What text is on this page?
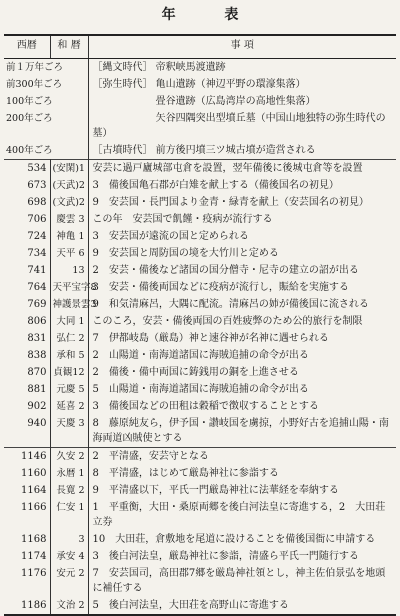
年 表
西暦	和 暦	事 項
前１万年ごろ		［縄文時代］ 帝釈峡馬渡遺跡
前300年ごろ		［弥生時代］ 亀山遺跡（神辺平野の環濠集落）
100年ごろ		　　　　　　 畳谷遺跡（広島湾岸の高地性集落）
200年ごろ		　　　　　　 矢谷四隅突出型墳丘墓（中国山地独特の弥生時代の墓）
400年ごろ		［古墳時代］ 前方後円墳三ツ城古墳が造営される
534	(安閑)1	安芸に過戸廬城部屯倉を設置，翌年備後に後城屯倉等を設置
673	(天武)2	3　備後国亀石郡が白雉を献上する（備後国名の初見）
698	(文武)2	9　安芸国・長門国より金青・緑青を献上（安芸国名の初見）
706	慶雲 3	この年　安芸国で飢饉・疫病が流行する
724	神亀 1	3　安芸国が遠流の国と定められる
734	天平 6	9　安芸国と周防国の境を大竹川と定める
741	13	2　安芸・備後など諸国の国分僧寺・尼寺の建立の詔が出る
764	天平宝字8	3　安芸・備後両国などに疫病が流行し，賑給を実施する
769	神護景雲3	9　和気清麻呂，大隅に配流。清麻呂の姉が備後国に流される
806	大同 1	このころ，安芸・備後両国の百姓疲弊のため公的旅行を制限
831	弘仁 2	7　伊都岐島（厳島）神と速谷神が名神に遇せられる
838	承和 5	2　山陽道・南海道諸国に海賊追捕の命令が出る
870	貞観12	2　備後・備中両国に鋳銭用の銅を上進させる
881	元慶 5	5　山陽道・南海道諸国に海賊追捕の命令が出る
902	延喜 2	3　備後国などの田租は穀稲で徴収することとする
940	天慶 3	8　藤原純友ら，伊予国・讃岐国を虜掠，小野好古を追捕山陽・南海両道凶賊使とする
1146	久安 2	2　平清盛，安芸守となる
1160	永暦 1	8　平清盛，はじめて厳島神社に参詣する
1164	長寛 2	9　平清盛以下，平氏一門厳島神社に法華経を奉納する
1166	仁安 1	1　平重衡，大田・桑原両郷を後白河法皇に寄進する，2　大田荘立券
1168	3	10　大田荘，倉敷地を尾道に設けることを備後国衙に申請する
1174	承安 4	3　後白河法皇，厳島神社に参詣，清盛ら平氏一門随行する
1176	安元 2	7　安芸国司，高田郡7郷を厳島神社領とし，神主佐伯景弘を地頭に補任する
1186	文治 2	5　後白河法皇，大田荘を高野山に寄進する
